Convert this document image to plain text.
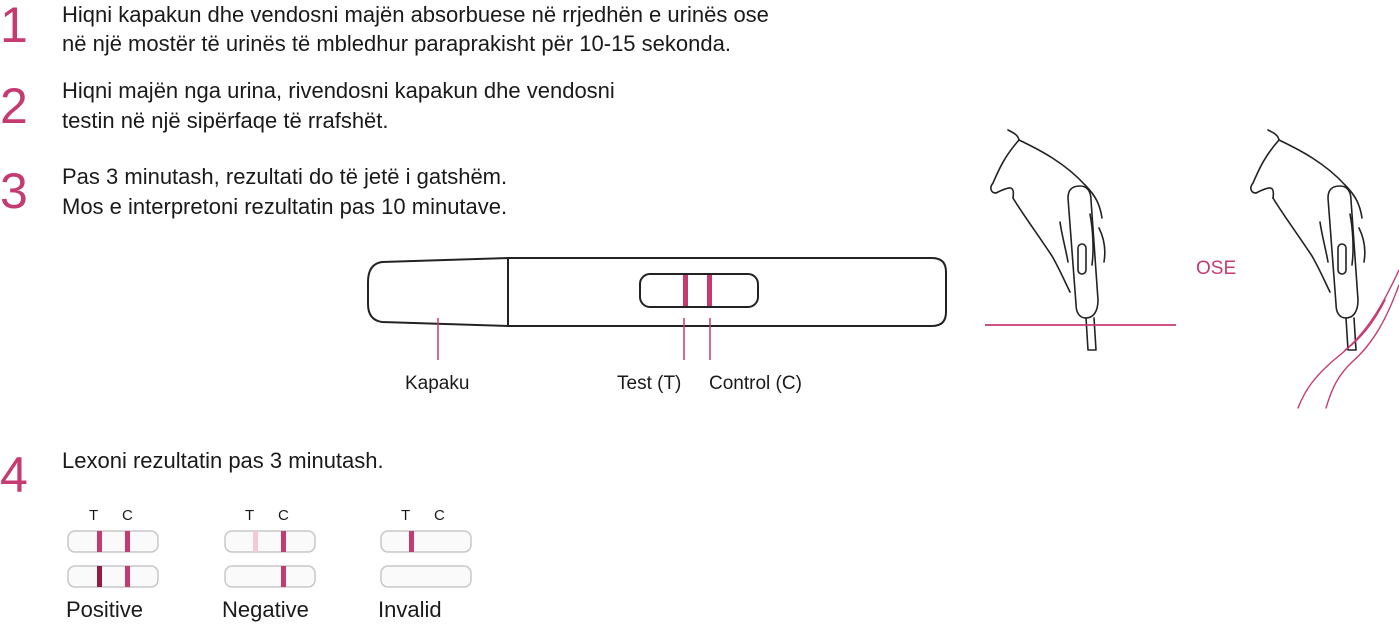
1 Hiqni kapakun dhe vendosni majën absorbuese në rrjedhën e urinës ose
në një mostër të urinës të mbledhur paraprakisht për 10-15 sekonda.
2 Hiqni majën nga urina, rivendosni kapakun dhe vendosni
testin në një sipërfaqe të rrafshët.
3 Pas 3 minutash, rezultati do të jetë i gatshëm.
Mos e interpretoni rezultatin pas 10 minutave.
4 Lexoni rezultatin pas 3 minutash.
Kapaku	Test (T) Control (C)
OSE
T C
Positive
T C
Negative
T C
Invalid
